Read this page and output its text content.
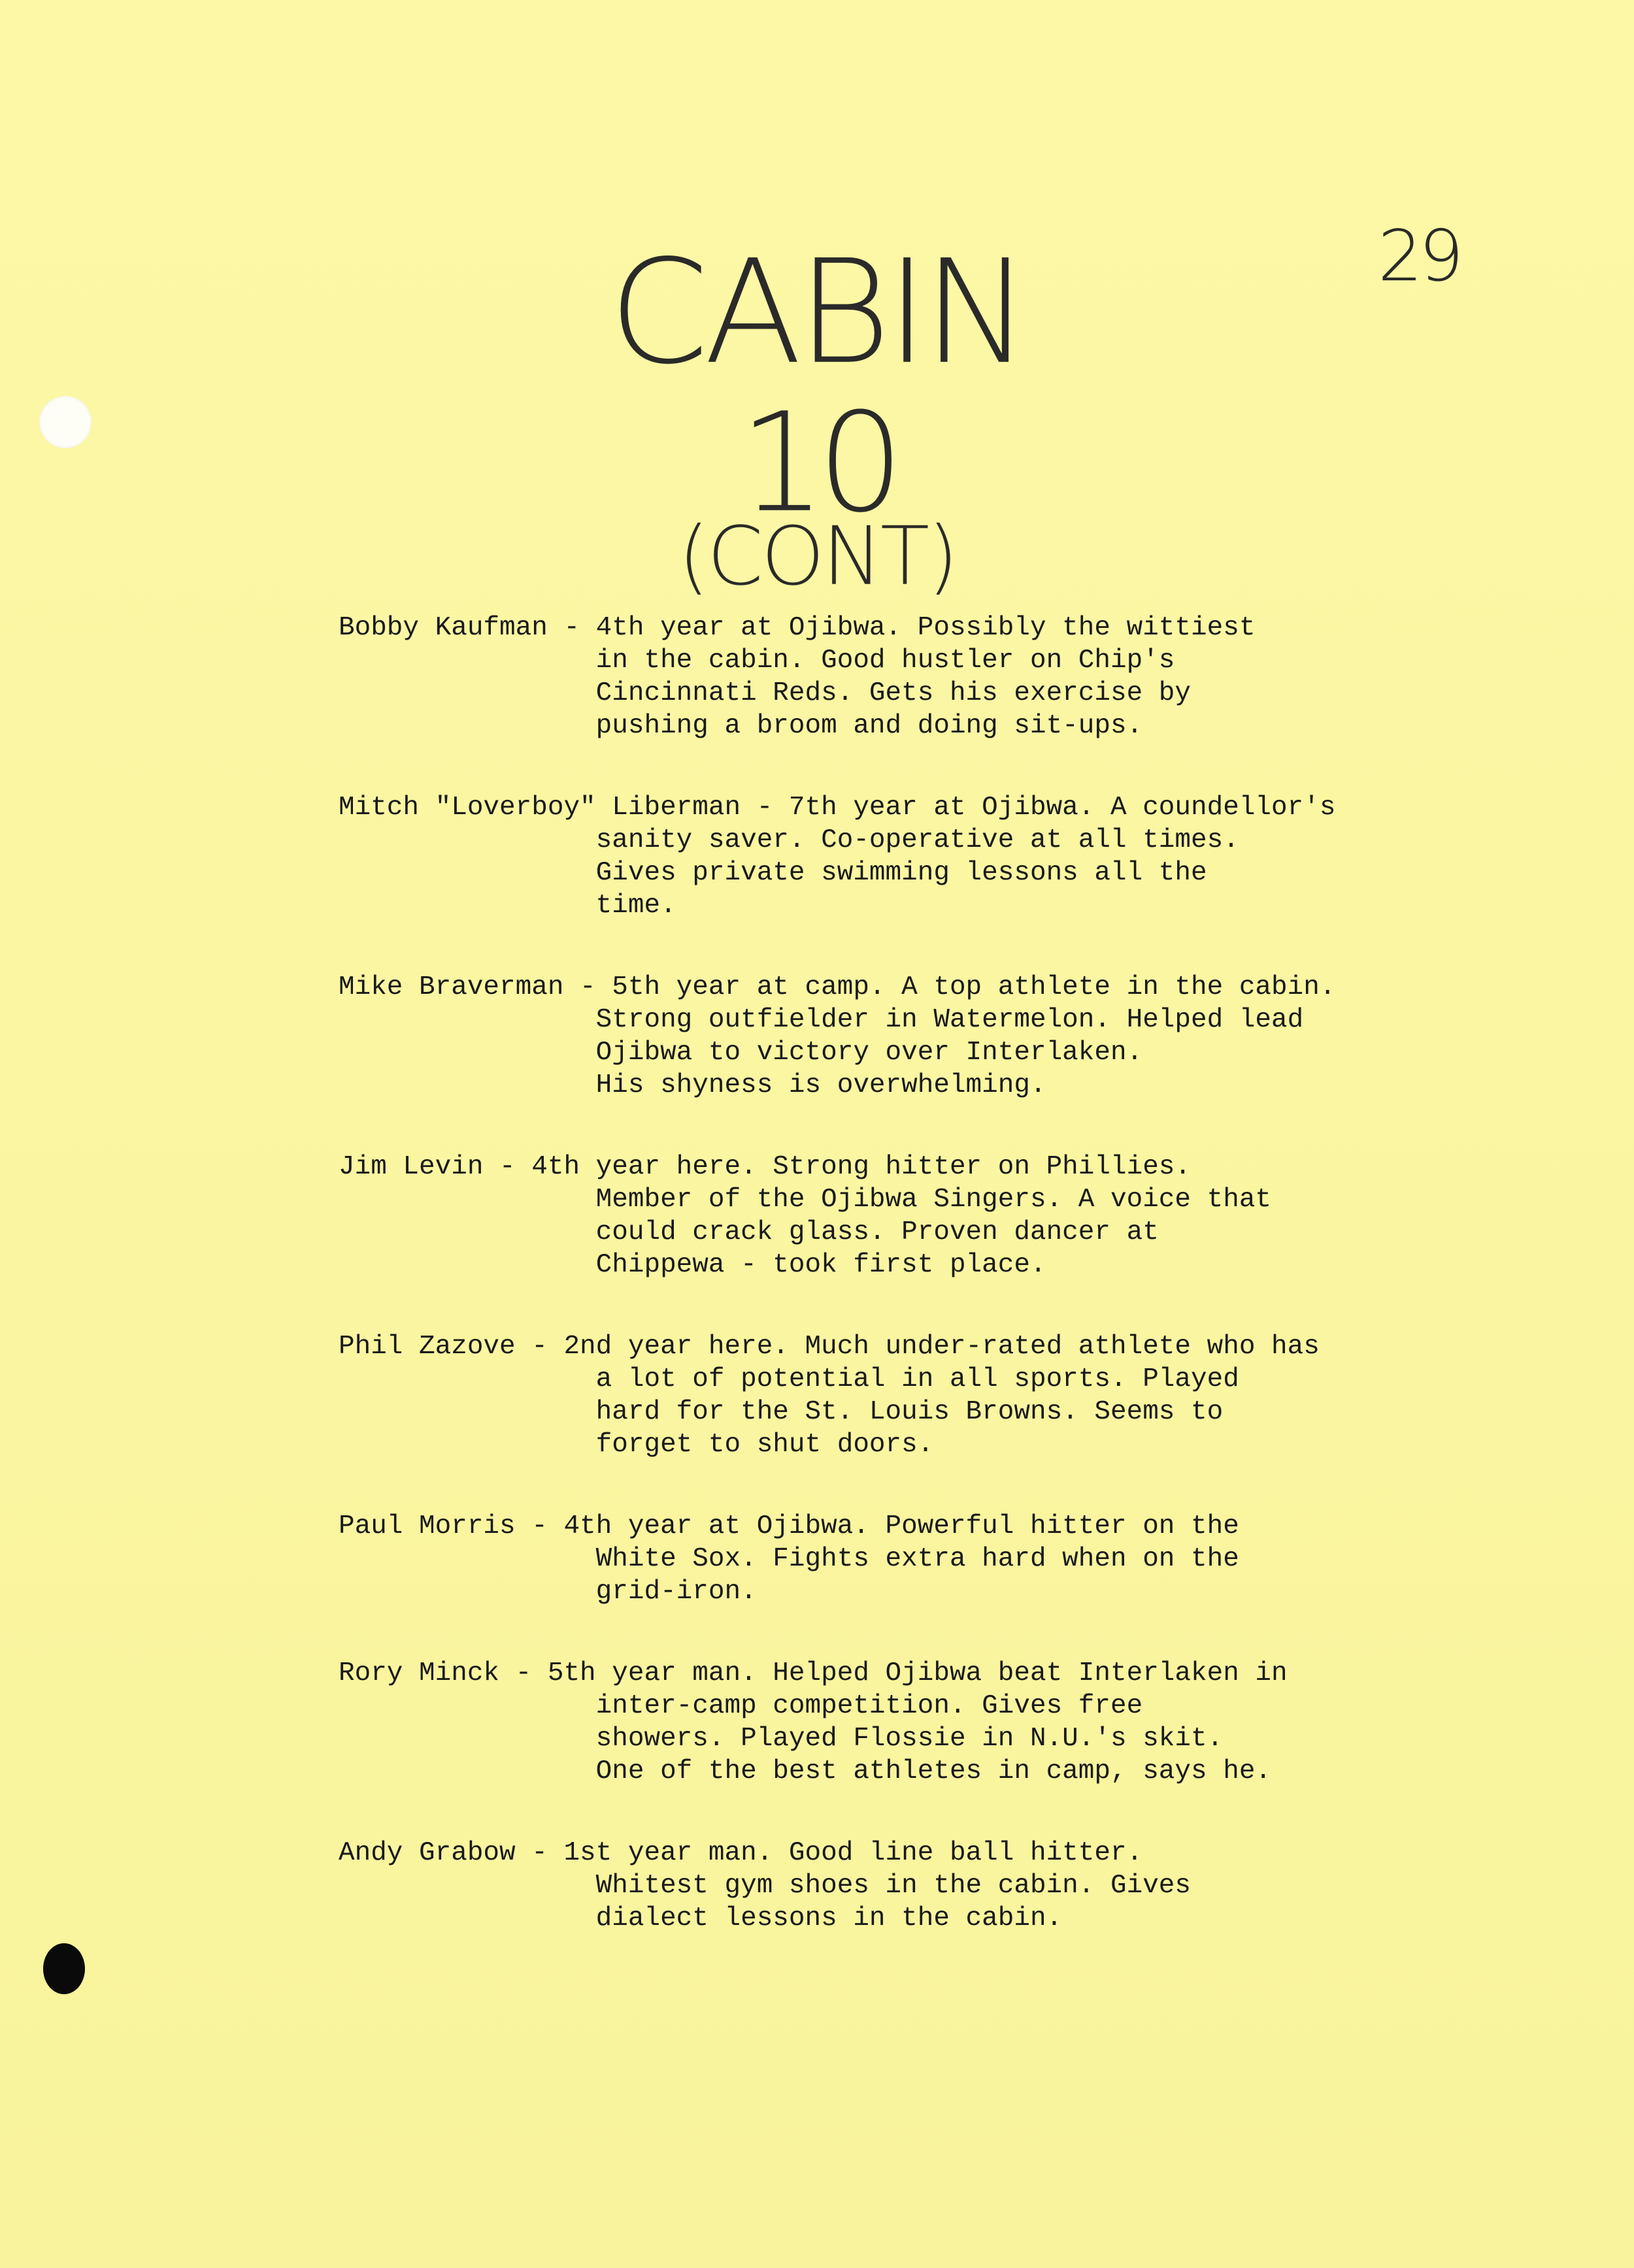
29
CABIN
10
(CONT)

Bobby Kaufman - 4th year at Ojibwa. Possibly the wittiest
in the cabin. Good hustler on Chip's
Cincinnati Reds. Gets his exercise by
pushing a broom and doing sit-ups.

Mitch "Loverboy" Liberman - 7th year at Ojibwa. A coundellor's
sanity saver. Co-operative at all times.
Gives private swimming lessons all the
time.

Mike Braverman - 5th year at camp. A top athlete in the cabin.
Strong outfielder in Watermelon. Helped lead
Ojibwa to victory over Interlaken.
His shyness is overwhelming.

Jim Levin - 4th year here. Strong hitter on Phillies.
Member of the Ojibwa Singers. A voice that
could crack glass. Proven dancer at
Chippewa - took first place.

Phil Zazove - 2nd year here. Much under-rated athlete who has
a lot of potential in all sports. Played
hard for the St. Louis Browns. Seems to
forget to shut doors.

Paul Morris - 4th year at Ojibwa. Powerful hitter on the
White Sox. Fights extra hard when on the
grid-iron.

Rory Minck - 5th year man. Helped Ojibwa beat Interlaken in
inter-camp competition. Gives free
showers. Played Flossie in N.U.'s skit.
One of the best athletes in camp, says he.

Andy Grabow - 1st year man. Good line ball hitter.
Whitest gym shoes in the cabin. Gives
dialect lessons in the cabin.
